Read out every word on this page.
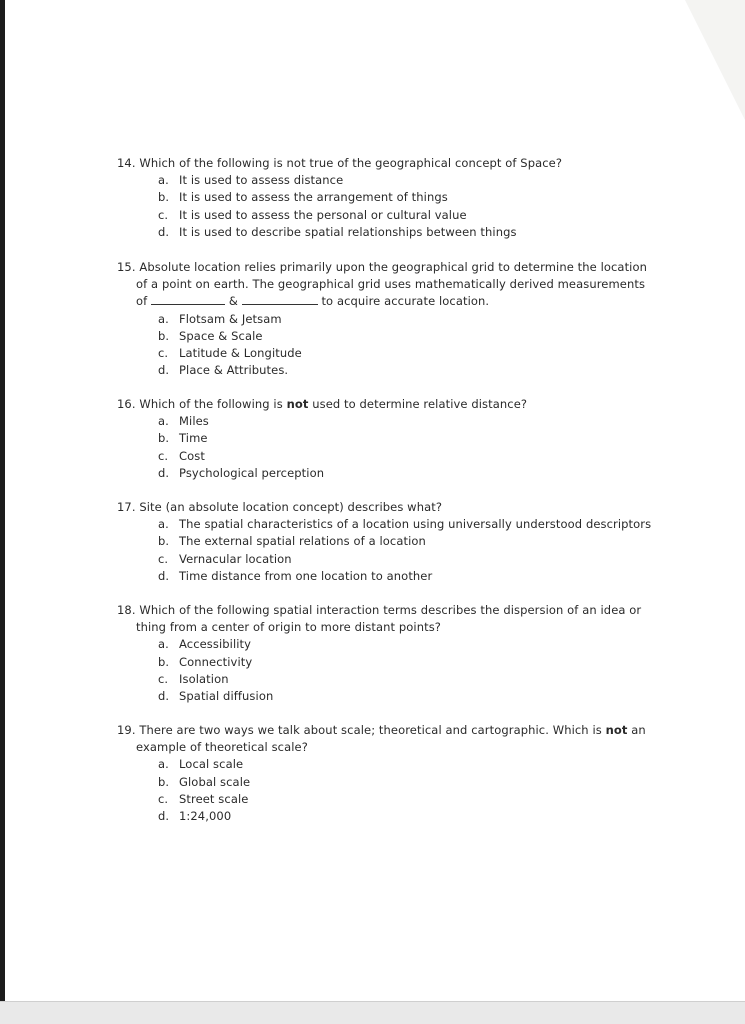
14. Which of the following is not true of the geographical concept of Space?
a. It is used to assess distance
b. It is used to assess the arrangement of things
c. It is used to assess the personal or cultural value
d. It is used to describe spatial relationships between things
15. Absolute location relies primarily upon the geographical grid to determine the location
of a point on earth. The geographical grid uses mathematically derived measurements
of	&	to acquire accurate location.
a. Flotsam & Jetsam
b. Space & Scale
c. Latitude & Longitude
d. Place & Attributes.
16. Which of the following is not used to determine relative distance?
a. Miles
b. Time
c. Cost
d. Psychological perception
17. Site (an absolute location concept) describes what?
a. The spatial characteristics of a location using universally understood descriptors
b. The external spatial relations of a location
c. Vernacular location
d. Time distance from one location to another
18. Which of the following spatial interaction terms describes the dispersion of an idea or
thing from a center of origin to more distant points?
a. Accessibility
b. Connectivity
c. Isolation
d. Spatial diffusion
19. There are two ways we talk about scale; theoretical and cartographic. Which is not an
example of theoretical scale?
a. Local scale
b. Global scale
c. Street scale
d. 1:24,000
